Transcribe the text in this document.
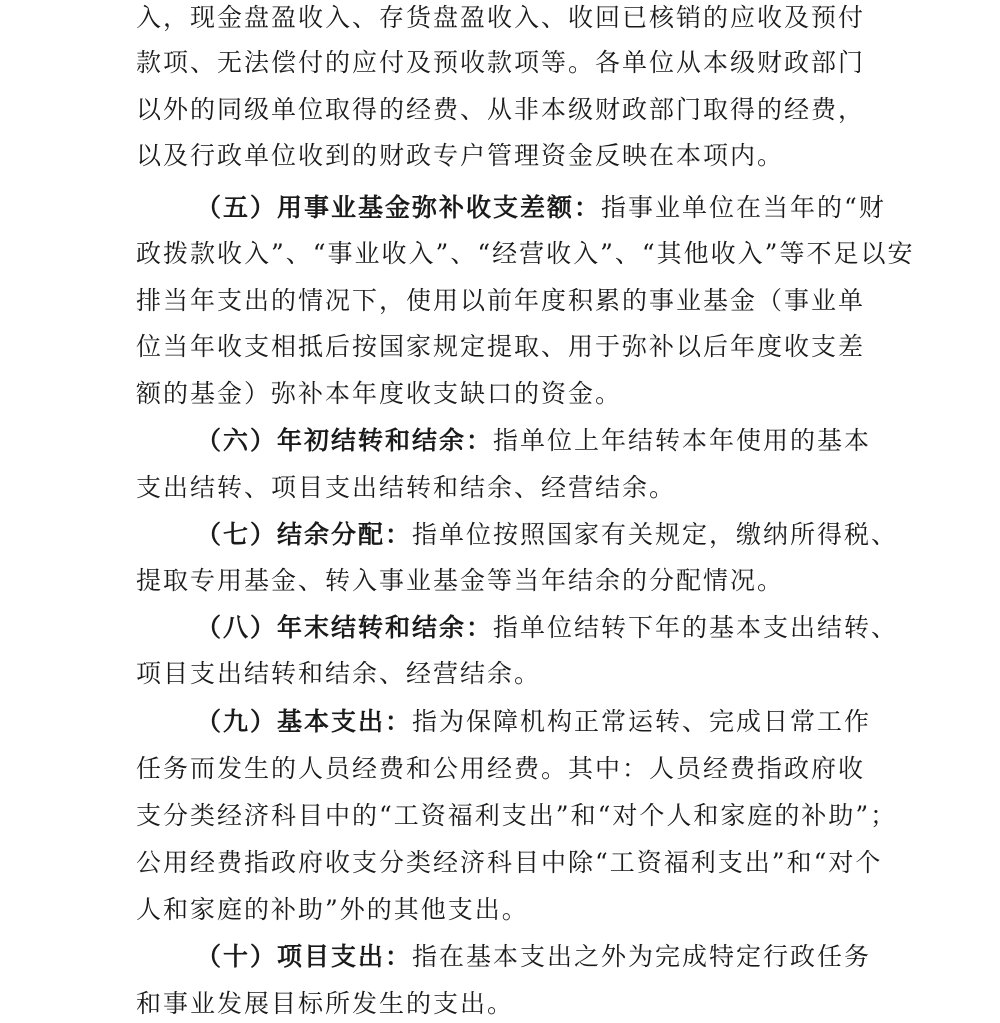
入，现金盘盈收入、存货盘盈收入、收回已核销的应收及预付
款项、无法偿付的应付及预收款项等。各单位从本级财政部门
以外的同级单位取得的经费、从非本级财政部门取得的经费，
以及行政单位收到的财政专户管理资金反映在本项内。
（五）用事业基金弥补收支差额：指事业单位在当年的“财
政拨款收入”、“事业收入”、“经营收入”、“其他收入”等不足以安
排当年支出的情况下，使用以前年度积累的事业基金（事业单
位当年收支相抵后按国家规定提取、用于弥补以后年度收支差
额的基金）弥补本年度收支缺口的资金。
（六）年初结转和结余：指单位上年结转本年使用的基本
支出结转、项目支出结转和结余、经营结余。
（七）结余分配：指单位按照国家有关规定，缴纳所得税、
提取专用基金、转入事业基金等当年结余的分配情况。
（八）年末结转和结余：指单位结转下年的基本支出结转、
项目支出结转和结余、经营结余。
（九）基本支出：指为保障机构正常运转、完成日常工作
任务而发生的人员经费和公用经费。其中：人员经费指政府收
支分类经济科目中的“工资福利支出”和“对个人和家庭的补助”；
公用经费指政府收支分类经济科目中除“工资福利支出”和“对个
人和家庭的补助”外的其他支出。
（十）项目支出：指在基本支出之外为完成特定行政任务
和事业发展目标所发生的支出。
